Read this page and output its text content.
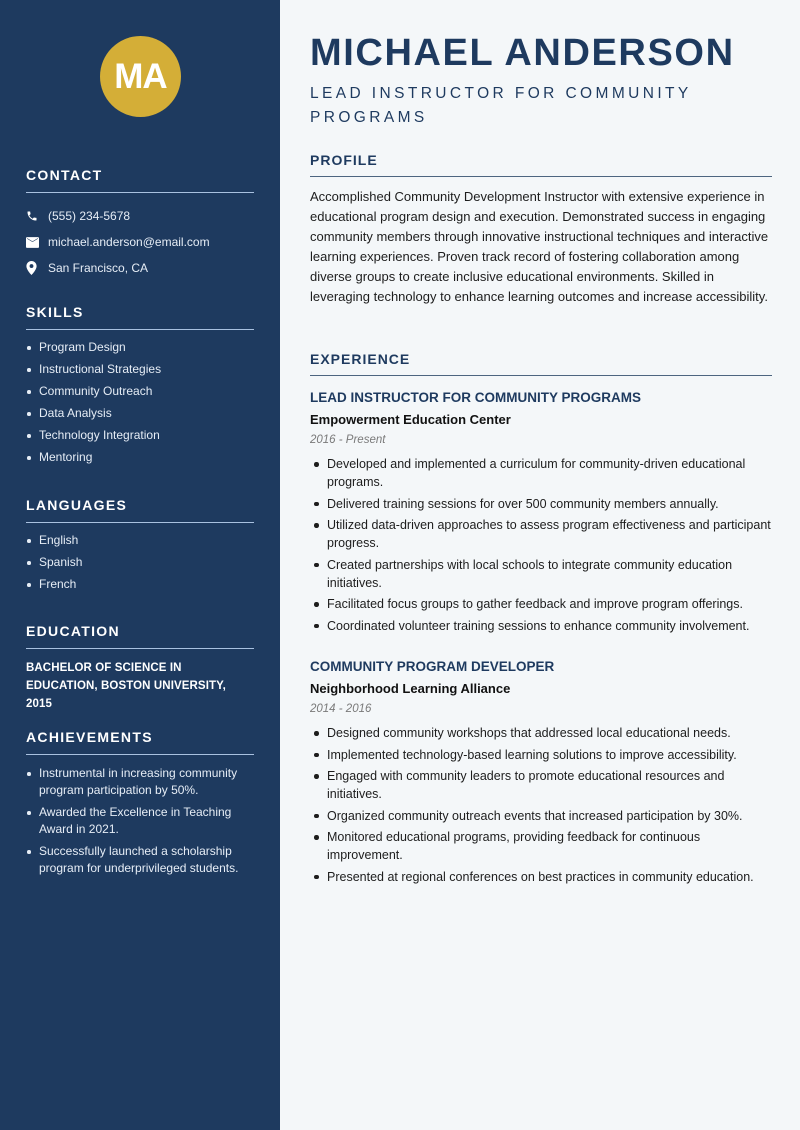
MA
CONTACT
(555) 234-5678
michael.anderson@email.com
San Francisco, CA
SKILLS
Program Design
Instructional Strategies
Community Outreach
Data Analysis
Technology Integration
Mentoring
LANGUAGES
English
Spanish
French
EDUCATION

BACHELOR OF SCIENCE IN EDUCATION, BOSTON UNIVERSITY, 2015

ACHIEVEMENTS
Instrumental in increasing community program participation by 50%.
Awarded the Excellence in Teaching Award in 2021.
Successfully launched a scholarship program for underprivileged students.
MICHAEL ANDERSON

LEAD INSTRUCTOR FOR COMMUNITY PROGRAMS

PROFILE

Accomplished Community Development Instructor with extensive experience in educational program design and execution. Demonstrated success in engaging community members through innovative instructional techniques and interactive learning experiences. Proven track record of fostering collaboration among diverse groups to create inclusive educational environments. Skilled in leveraging technology to enhance learning outcomes and increase accessibility.

EXPERIENCE
LEAD INSTRUCTOR FOR COMMUNITY PROGRAMS
Empowerment Education Center
2016 - Present
Developed and implemented a curriculum for community-driven educational programs.
Delivered training sessions for over 500 community members annually.
Utilized data-driven approaches to assess program effectiveness and participant progress.
Created partnerships with local schools to integrate community education initiatives.
Facilitated focus groups to gather feedback and improve program offerings.
Coordinated volunteer training sessions to enhance community involvement.
COMMUNITY PROGRAM DEVELOPER
Neighborhood Learning Alliance
2014 - 2016
Designed community workshops that addressed local educational needs.
Implemented technology-based learning solutions to improve accessibility.
Engaged with community leaders to promote educational resources and initiatives.
Organized community outreach events that increased participation by 30%.
Monitored educational programs, providing feedback for continuous improvement.
Presented at regional conferences on best practices in community education.
